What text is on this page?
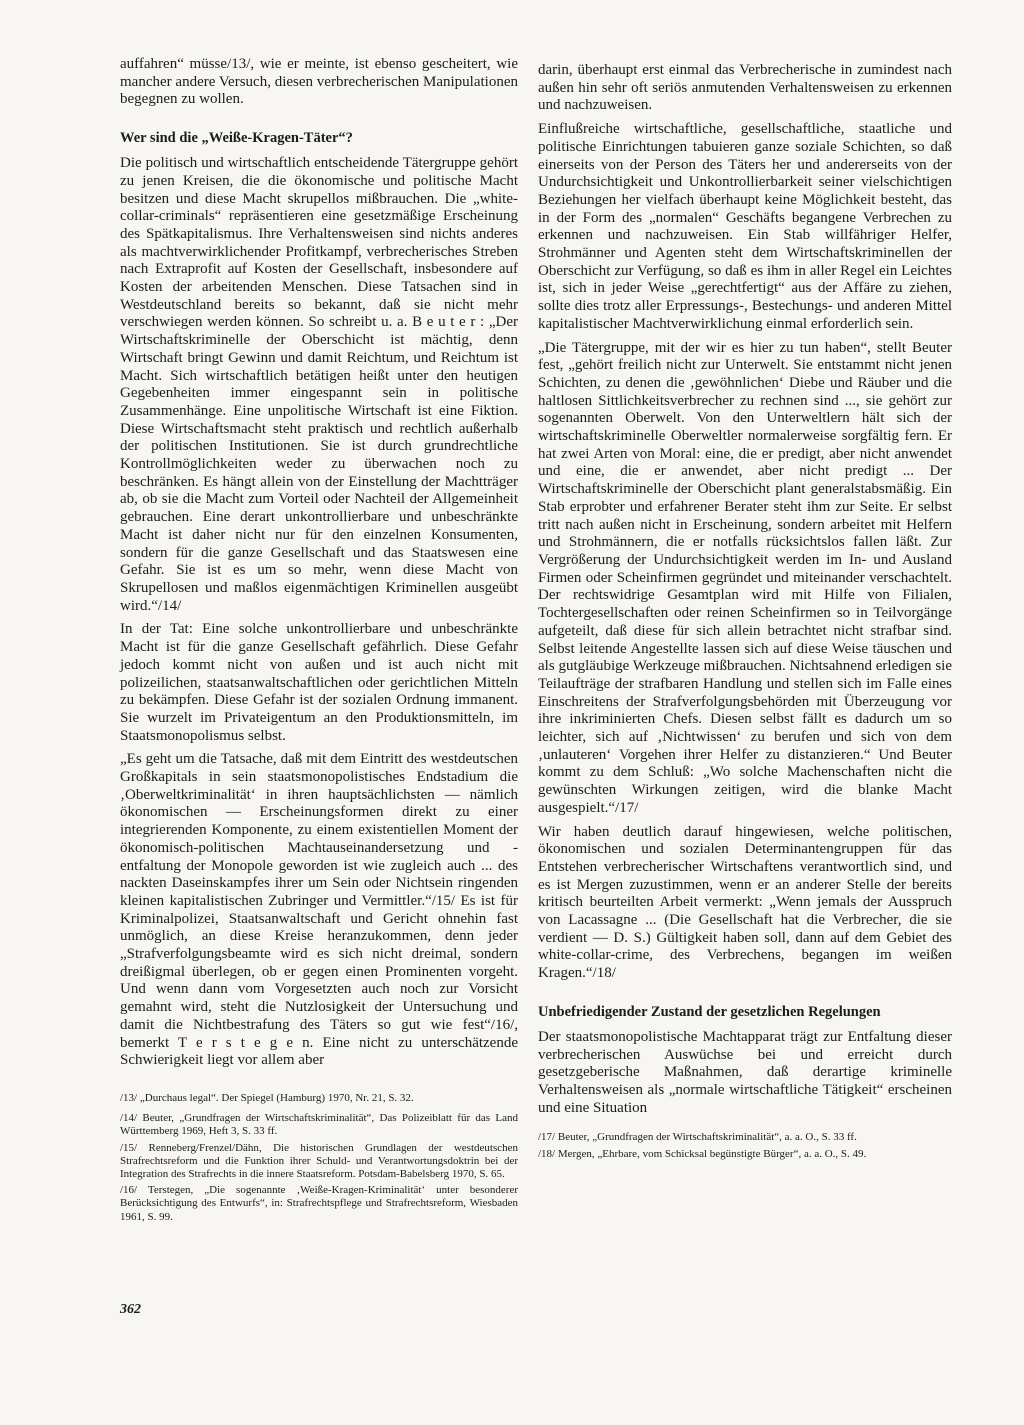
auffahren“ müsse/13/, wie er meinte, ist ebenso gescheitert, wie mancher andere Versuch, diesen verbrecherischen Manipulationen begegnen zu wollen.

Wer sind die „Weiße-Kragen-Täter“?

Die politisch und wirtschaftlich entscheidende Tätergruppe gehört zu jenen Kreisen, die die ökonomische und politische Macht besitzen und diese Macht skrupellos mißbrauchen. Die „white-collar-criminals“ repräsentieren eine gesetzmäßige Erscheinung des Spätkapitalismus. Ihre Verhaltensweisen sind nichts anderes als machtverwirklichender Profitkampf, verbrecherisches Streben nach Extraprofit auf Kosten der Gesellschaft, insbesondere auf Kosten der arbeitenden Menschen. Diese Tatsachen sind in Westdeutschland bereits so bekannt, daß sie nicht mehr verschwiegen werden können. So schreibt u. a. B e u t e r : „Der Wirtschaftskriminelle der Oberschicht ist mächtig, denn Wirtschaft bringt Gewinn und damit Reichtum, und Reichtum ist Macht. Sich wirtschaftlich betätigen heißt unter den heutigen Gegebenheiten immer eingespannt sein in politische Zusammenhänge. Eine unpolitische Wirtschaft ist eine Fiktion. Diese Wirtschaftsmacht steht praktisch und rechtlich außerhalb der politischen Institutionen. Sie ist durch grundrechtliche Kontrollmöglichkeiten weder zu überwachen noch zu beschränken. Es hängt allein von der Einstellung der Machtträger ab, ob sie die Macht zum Vorteil oder Nachteil der Allgemeinheit gebrauchen. Eine derart unkontrollierbare und unbeschränkte Macht ist daher nicht nur für den einzelnen Konsumenten, sondern für die ganze Gesellschaft und das Staatswesen eine Gefahr. Sie ist es um so mehr, wenn diese Macht von Skrupellosen und maßlos eigenmächtigen Kriminellen ausgeübt wird.“/14/

In der Tat: Eine solche unkontrollierbare und unbeschränkte Macht ist für die ganze Gesellschaft gefährlich. Diese Gefahr jedoch kommt nicht von außen und ist auch nicht mit polizeilichen, staatsanwaltschaftlichen oder gerichtlichen Mitteln zu bekämpfen. Diese Gefahr ist der sozialen Ordnung immanent. Sie wurzelt im Privateigentum an den Produktionsmitteln, im Staatsmonopolismus selbst.

„Es geht um die Tatsache, daß mit dem Eintritt des westdeutschen Großkapitals in sein staatsmonopolistisches Endstadium die ‚Oberweltkriminalität‘ in ihren hauptsächlichsten — nämlich ökonomischen — Erscheinungsformen direkt zu einer integrierenden Komponente, zu einem existentiellen Moment der ökonomisch-politischen Machtauseinandersetzung und -entfaltung der Monopole geworden ist wie zugleich auch ... des nackten Daseinskampfes ihrer um Sein oder Nichtsein ringenden kleinen kapitalistischen Zubringer und Vermittler.“/15/ Es ist für Kriminalpolizei, Staatsanwaltschaft und Gericht ohnehin fast unmöglich, an diese Kreise heranzukommen, denn jeder „Strafverfolgungsbeamte wird es sich nicht dreimal, sondern dreißigmal überlegen, ob er gegen einen Prominenten vorgeht. Und wenn dann vom Vorgesetzten auch noch zur Vorsicht gemahnt wird, steht die Nutzlosigkeit der Untersuchung und damit die Nichtbestrafung des Täters so gut wie fest“/16/, bemerkt T e r s t e g e n. Eine nicht zu unterschätzende Schwierigkeit liegt vor allem aber

/13/ „Durchaus legal“. Der Spiegel (Hamburg) 1970, Nr. 21, S. 32.

/14/ Beuter, „Grundfragen der Wirtschaftskriminalität“, Das Polizeiblatt für das Land Württemberg 1969, Heft 3, S. 33 ff.

/15/ Renneberg/Frenzel/Dähn, Die historischen Grundlagen der westdeutschen Strafrechtsreform und die Funktion ihrer Schuld- und Verantwortungsdoktrin bei der Integration des Strafrechts in die innere Staatsreform. Potsdam-Babelsberg 1970, S. 65.

/16/ Terstegen, „Die sogenannte ‚Weiße-Kragen-Kriminalität‘ unter besonderer Berücksichtigung des Entwurfs“, in: Strafrechtspflege und Strafrechtsreform, Wiesbaden 1961, S. 99.

darin, überhaupt erst einmal das Verbrecherische in zumindest nach außen hin sehr oft seriös anmutenden Verhaltensweisen zu erkennen und nachzuweisen.

Einflußreiche wirtschaftliche, gesellschaftliche, staatliche und politische Einrichtungen tabuieren ganze soziale Schichten, so daß einerseits von der Person des Täters her und andererseits von der Undurchsichtigkeit und Unkontrollierbarkeit seiner vielschichtigen Beziehungen her vielfach überhaupt keine Möglichkeit besteht, das in der Form des „normalen“ Geschäfts begangene Verbrechen zu erkennen und nachzuweisen. Ein Stab willfähriger Helfer, Strohmänner und Agenten steht dem Wirtschaftskriminellen der Oberschicht zur Verfügung, so daß es ihm in aller Regel ein Leichtes ist, sich in jeder Weise „gerechtfertigt“ aus der Affäre zu ziehen, sollte dies trotz aller Erpressungs-, Bestechungs- und anderen Mittel kapitalistischer Machtverwirklichung einmal erforderlich sein.

„Die Tätergruppe, mit der wir es hier zu tun haben“, stellt Beuter fest, „gehört freilich nicht zur Unterwelt. Sie entstammt nicht jenen Schichten, zu denen die ‚gewöhnlichen‘ Diebe und Räuber und die haltlosen Sittlichkeitsverbrecher zu rechnen sind ..., sie gehört zur sogenannten Oberwelt. Von den Unterweltlern hält sich der wirtschaftskriminelle Oberweltler normalerweise sorgfältig fern. Er hat zwei Arten von Moral: eine, die er predigt, aber nicht anwendet und eine, die er anwendet, aber nicht predigt ... Der Wirtschaftskriminelle der Oberschicht plant generalstabsmäßig. Ein Stab erprobter und erfahrener Berater steht ihm zur Seite. Er selbst tritt nach außen nicht in Erscheinung, sondern arbeitet mit Helfern und Strohmännern, die er notfalls rücksichtslos fallen läßt. Zur Vergrößerung der Undurchsichtigkeit werden im In- und Ausland Firmen oder Scheinfirmen gegründet und miteinander verschachtelt. Der rechtswidrige Gesamtplan wird mit Hilfe von Filialen, Tochtergesellschaften oder reinen Scheinfirmen so in Teilvorgänge aufgeteilt, daß diese für sich allein betrachtet nicht strafbar sind. Selbst leitende Angestellte lassen sich auf diese Weise täuschen und als gutgläubige Werkzeuge mißbrauchen. Nichtsahnend erledigen sie Teilaufträge der strafbaren Handlung und stellen sich im Falle eines Einschreitens der Strafverfolgungsbehörden mit Überzeugung vor ihre inkriminierten Chefs. Diesen selbst fällt es dadurch um so leichter, sich auf ‚Nichtwissen‘ zu berufen und sich von dem ‚unlauteren‘ Vorgehen ihrer Helfer zu distanzieren.“ Und Beuter kommt zu dem Schluß: „Wo solche Machenschaften nicht die gewünschten Wirkungen zeitigen, wird die blanke Macht ausgespielt.“/17/

Wir haben deutlich darauf hingewiesen, welche politischen, ökonomischen und sozialen Determinantengruppen für das Entstehen verbrecherischer Wirtschaftens verantwortlich sind, und es ist Mergen zuzustimmen, wenn er an anderer Stelle der bereits kritisch beurteilten Arbeit vermerkt: „Wenn jemals der Ausspruch von Lacassagne ... (Die Gesellschaft hat die Verbrecher, die sie verdient — D. S.) Gültigkeit haben soll, dann auf dem Gebiet des white-collar-crime, des Verbrechens, begangen im weißen Kragen.“/18/

Unbefriedigender Zustand der gesetzlichen Regelungen

Der staatsmonopolistische Machtapparat trägt zur Entfaltung dieser verbrecherischen Auswüchse bei und erreicht durch gesetzgeberische Maßnahmen, daß derartige kriminelle Verhaltensweisen als „normale wirtschaftliche Tätigkeit“ erscheinen und eine Situation

/17/ Beuter, „Grundfragen der Wirtschaftskriminalität“, a. a. O., S. 33 ff.

/18/ Mergen, „Ehrbare, vom Schicksal begünstigte Bürger“, a. a. O., S. 49.

362
